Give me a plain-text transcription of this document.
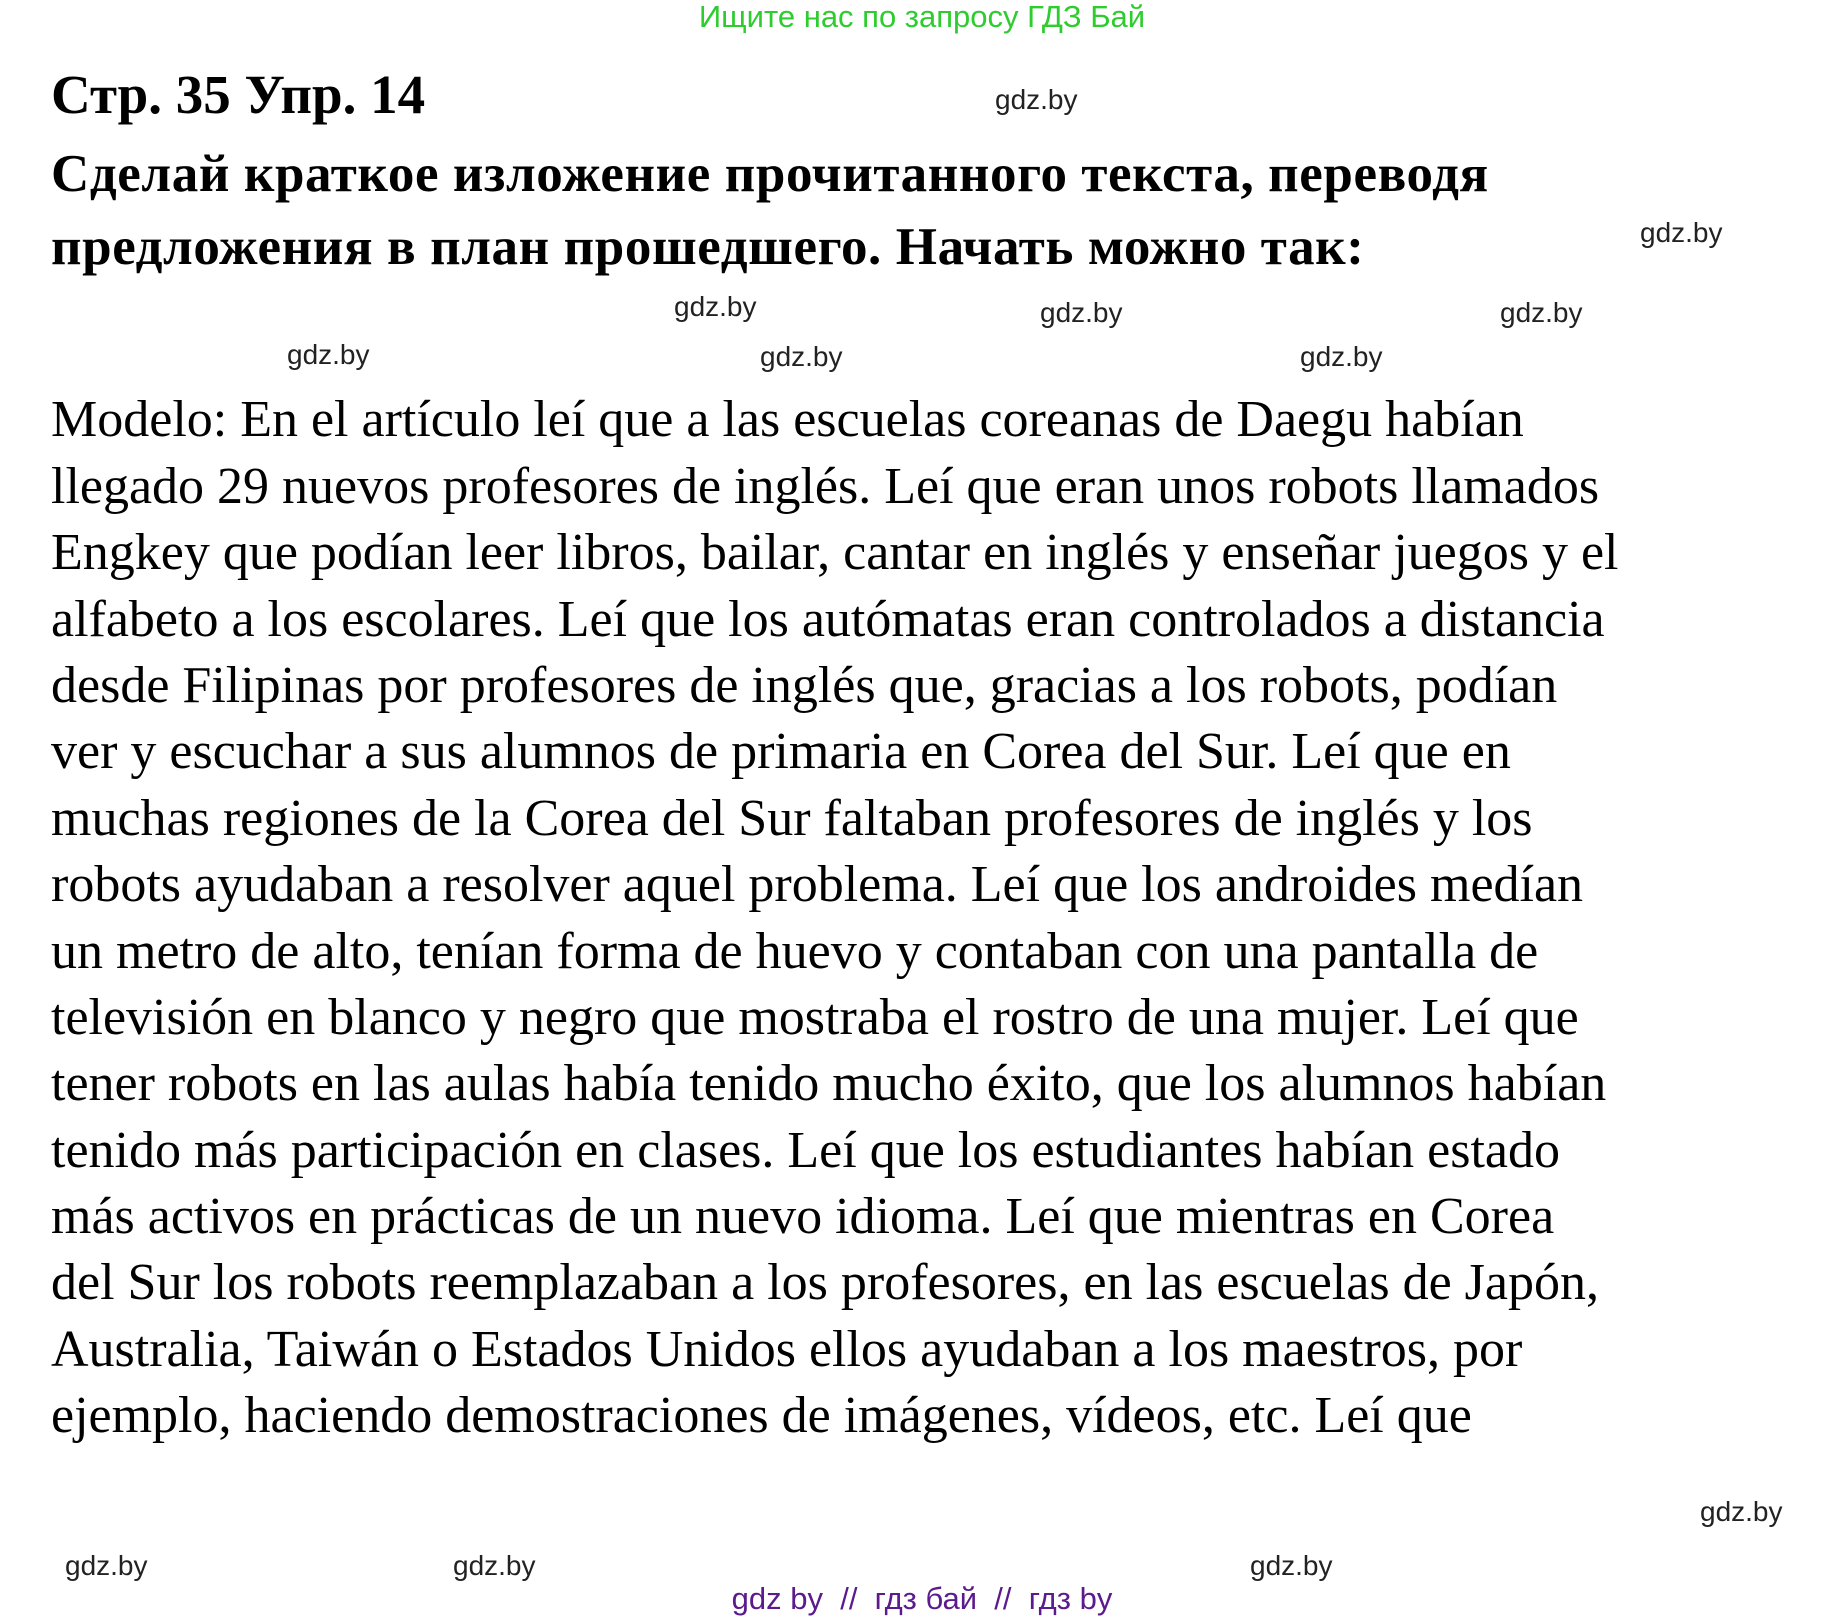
Ищите нас по запросу ГДЗ Бай
Стр. 35 Упр. 14
Сделай краткое изложение прочитанного текста, переводя
предложения в план прошедшего. Начать можно так:
Modelo: En el artículo leí que a las escuelas coreanas de Daegu habían
llegado 29 nuevos profesores de inglés. Leí que eran unos robots llamados
Engkey que podían leer libros, bailar, cantar en inglés y enseñar juegos y el
alfabeto a los escolares. Leí que los autómatas eran controlados a distancia
desde Filipinas por profesores de inglés que, gracias a los robots, podían
ver y escuchar a sus alumnos de primaria en Corea del Sur. Leí que en
muchas regiones de la Corea del Sur faltaban profesores de inglés y los
robots ayudaban a resolver aquel problema. Leí que los androides medían
un metro de alto, tenían forma de huevo y contaban con una pantalla de
televisión en blanco y negro que mostraba el rostro de una mujer. Leí que
tener robots en las aulas había tenido mucho éxito, que los alumnos habían
tenido más participación en clases. Leí que los estudiantes habían estado
más activos en prácticas de un nuevo idioma. Leí que mientras en Corea
del Sur los robots reemplazaban a los profesores, en las escuelas de Japón,
Australia, Taiwán o Estados Unidos ellos ayudaban a los maestros, por
ejemplo, haciendo demostraciones de imágenes, vídeos, etc. Leí que
gdz.by
gdz.by
gdz.by	gdz.by	gdz.by
gdz.by	gdz.by	gdz.by
gdz.by
gdz.by	gdz.by	gdz.by
gdz by  //  гдз бай  //  гдз by
